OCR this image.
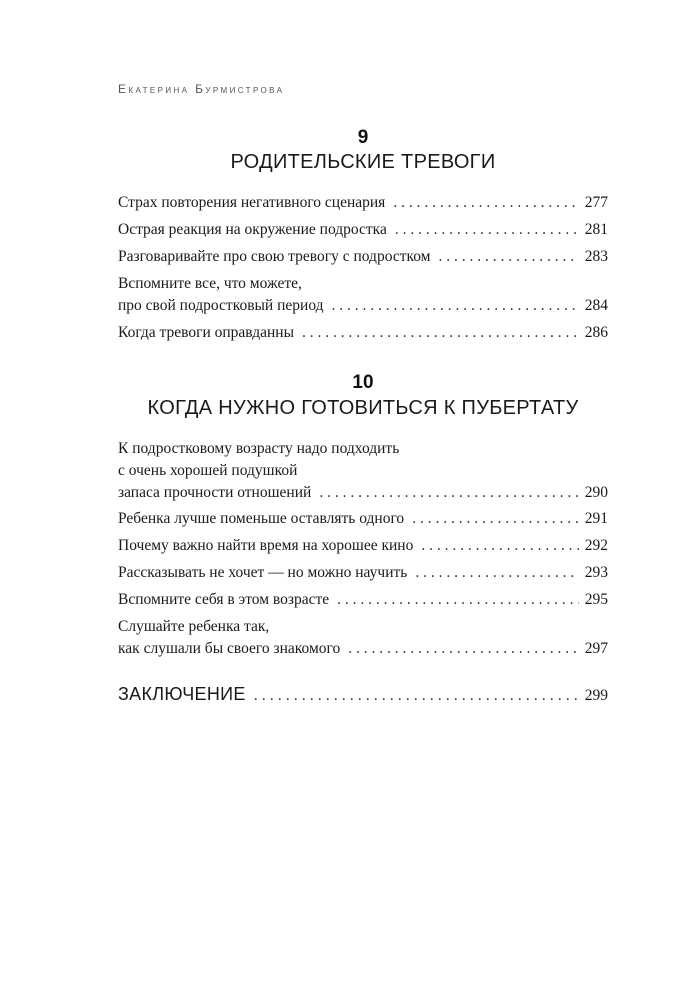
Екатерина Бурмистрова
9
РОДИТЕЛЬСКИЕ ТРЕВОГИ
Страх повторения негативного сценария . . .	277
Острая реакция на окружение подростка . . .	281
Разговаривайте про свою тревогу с подростком . . .	283
Вспомните все, что можете,
про свой подростковый период . . .	284
Когда тревоги оправданны . . .	286
10
КОГДА НУЖНО ГОТОВИТЬСЯ К ПУБЕРТАТУ
К подростковому возрасту надо подходить
с очень хорошей подушкой
запаса прочности отношений . . .	290
Ребенка лучше поменьше оставлять одного . . .	291
Почему важно найти время на хорошее кино . . .	292
Рассказывать не хочет — но можно научить . . .	293
Вспомните себя в этом возрасте . . .	295
Слушайте ребенка так,
как слушали бы своего знакомого . . .	297
ЗАКЛЮЧЕНИЕ . . .	299
